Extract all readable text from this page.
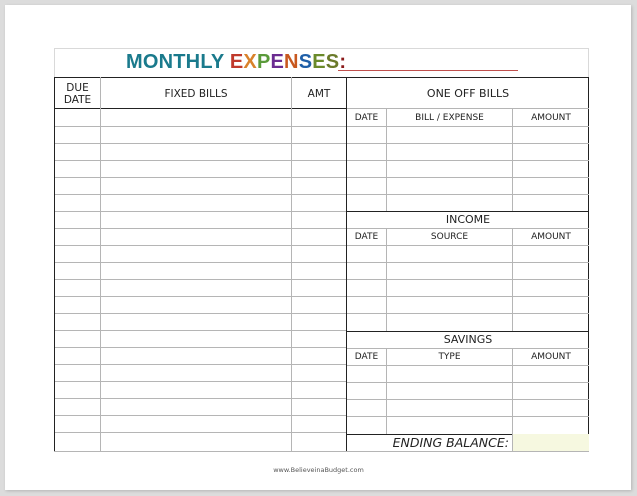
MONTHLY EXPENSES:
DUE DATE	FIXED BILLS	AMT	ONE OFF BILLS
DATE	BILL / EXPENSE	AMOUNT
INCOME
DATE	SOURCE	AMOUNT
SAVINGS
DATE	TYPE	AMOUNT
ENDING BALANCE:
www.BelieveinaBudget.com
